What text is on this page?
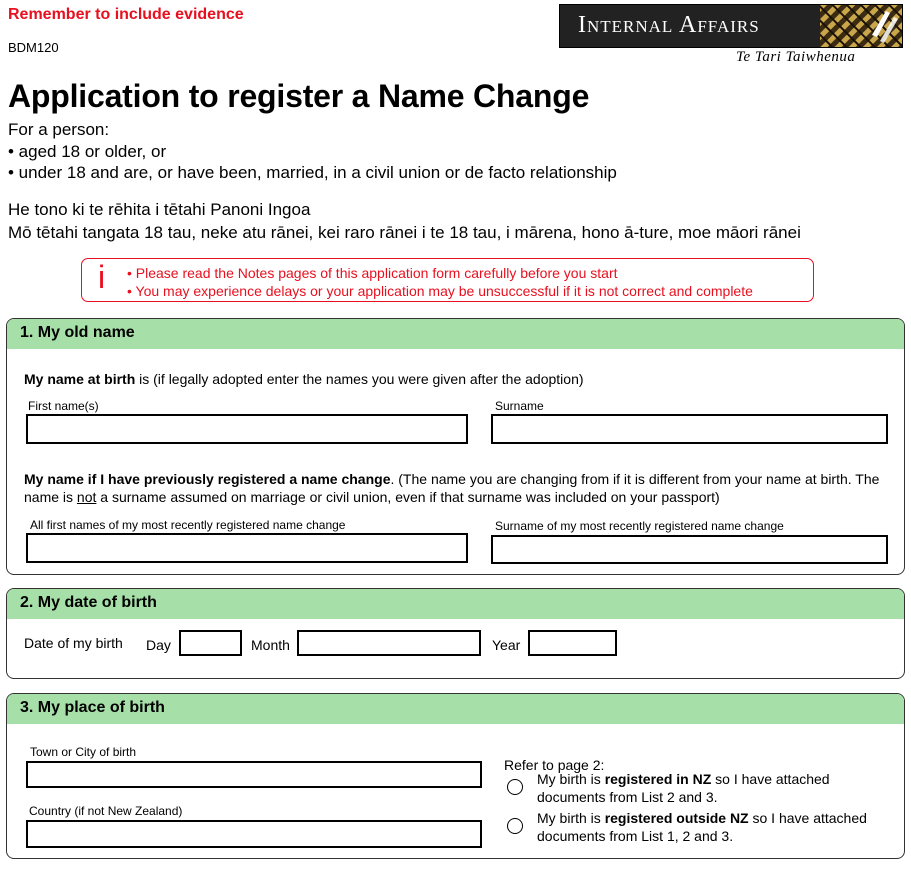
Remember to include evidence
BDM120
Internal Affairs
Te Tari Taiwhenua
Application to register a Name Change
For a person:
• aged 18 or older, or
• under 18 and are, or have been, married, in a civil union or de facto relationship
He tono ki te rēhita i tētahi Panoni Ingoa
Mō tētahi tangata 18 tau, neke atu rānei, kei raro rānei i te 18 tau, i mārena, hono ā-ture, moe māori rānei
i • Please read the Notes pages of this application form carefully before you start
• You may experience delays or your application may be unsuccessful if it is not correct and complete
1. My old name
My name at birth is (if legally adopted enter the names you were given after the adoption)
First name(s)	Surname
My name if I have previously registered a name change. (The name you are changing from if it is different from your name at birth. The name is not a surname assumed on marriage or civil union, even if that surname was included on your passport)
All first names of my most recently registered name change	Surname of my most recently registered name change
2. My date of birth
Date of my birth Day	Month	Year
3. My place of birth
Town or City of birth
Country (if not New Zealand)
Refer to page 2:
My birth is registered in NZ so I have attached documents from List 2 and 3.
My birth is registered outside NZ so I have attached documents from List 1, 2 and 3.
